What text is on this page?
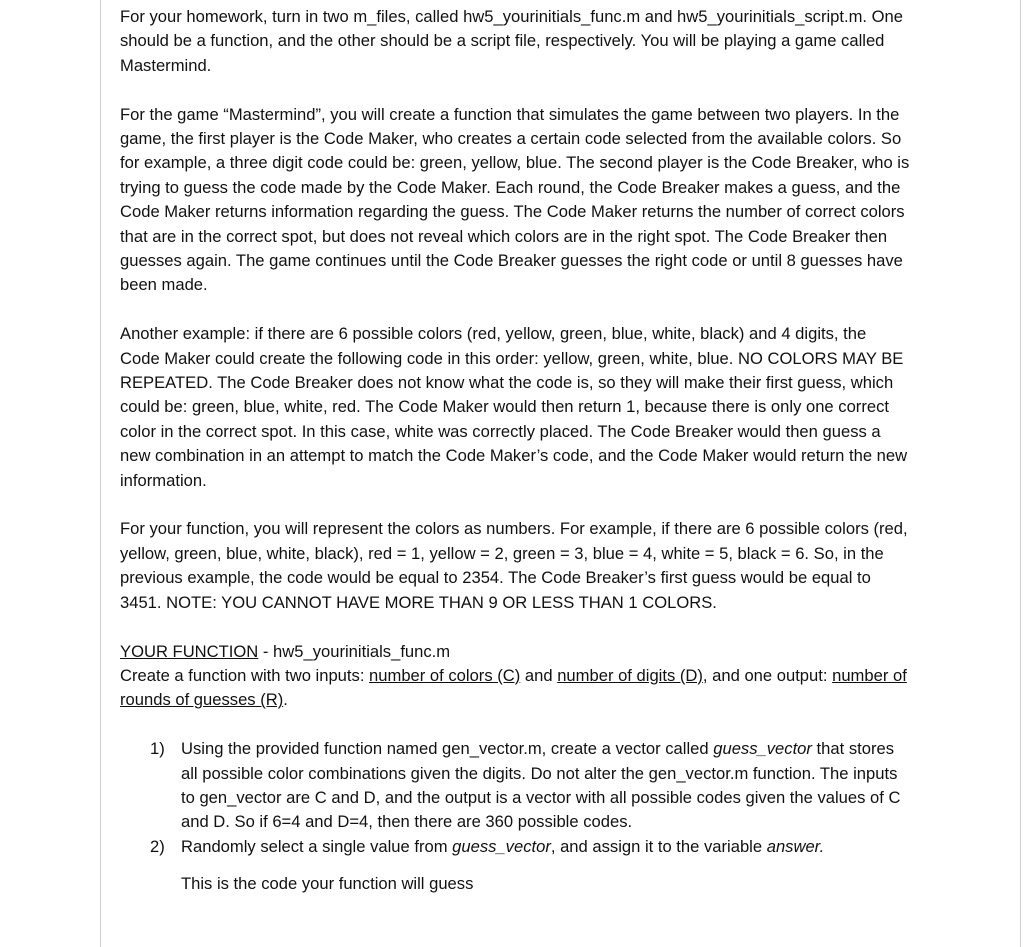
For your homework, turn in two m_files, called hw5_yourinitials_func.m and hw5_yourinitials_script.m. One should be a function, and the other should be a script file, respectively. You will be playing a game called Mastermind.

For the game “Mastermind”, you will create a function that simulates the game between two players. In the game, the first player is the Code Maker, who creates a certain code selected from the available colors. So for example, a three digit code could be: green, yellow, blue. The second player is the Code Breaker, who is trying to guess the code made by the Code Maker. Each round, the Code Breaker makes a guess, and the Code Maker returns information regarding the guess. The Code Maker returns the number of correct colors that are in the correct spot, but does not reveal which colors are in the right spot. The Code Breaker then guesses again. The game continues until the Code Breaker guesses the right code or until 8 guesses have been made.

Another example: if there are 6 possible colors (red, yellow, green, blue, white, black) and 4 digits, the Code Maker could create the following code in this order: yellow, green, white, blue. NO COLORS MAY BE REPEATED. The Code Breaker does not know what the code is, so they will make their first guess, which could be: green, blue, white, red. The Code Maker would then return 1, because there is only one correct color in the correct spot. In this case, white was correctly placed. The Code Breaker would then guess a new combination in an attempt to match the Code Maker’s code, and the Code Maker would return the new information.

For your function, you will represent the colors as numbers. For example, if there are 6 possible colors (red, yellow, green, blue, white, black), red = 1, yellow = 2, green = 3, blue = 4, white = 5, black = 6. So, in the previous example, the code would be equal to 2354. The Code Breaker’s first guess would be equal to 3451. NOTE: YOU CANNOT HAVE MORE THAN 9 OR LESS THAN 1 COLORS.

YOUR FUNCTION - hw5_yourinitials_func.m

Create a function with two inputs: number of colors (C) and number of digits (D), and one output: number of rounds of guesses (R).

1) Using the provided function named gen_vector.m, create a vector called guess_vector that stores all possible color combinations given the digits. Do not alter the gen_vector.m function. The inputs to gen_vector are C and D, and the output is a vector with all possible codes given the values of C and D. So if 6=4 and D=4, then there are 360 possible codes.
2) Randomly select a single value from guess_vector, and assign it to the variable answer.
This is the code your function will guess
